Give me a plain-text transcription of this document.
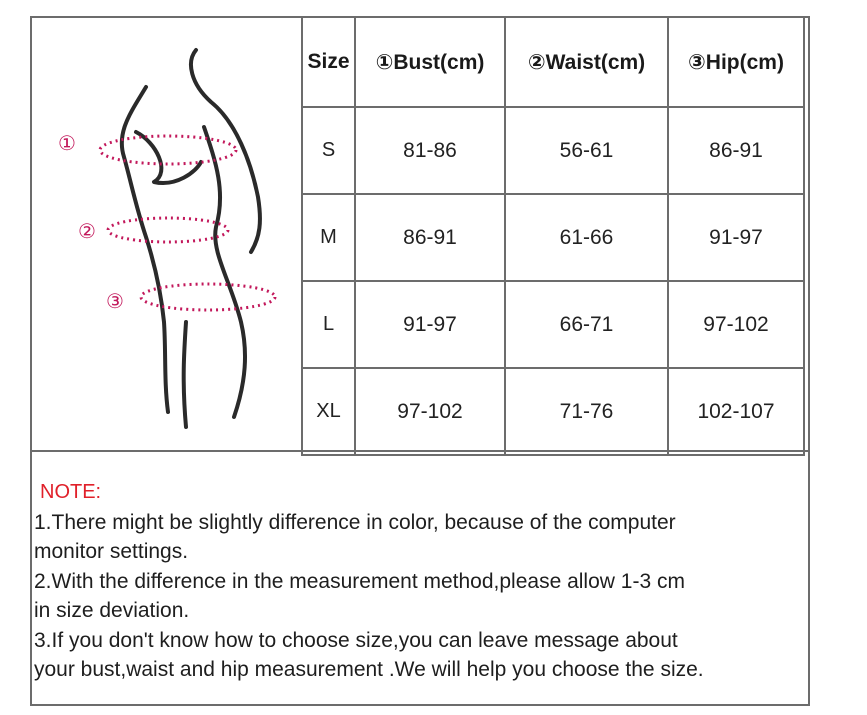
①
②
③
Size	①Bust(cm)	②Waist(cm)	③Hip(cm)
S	81-86	56-61	86-91
M	86-91	61-66	91-97
L	91-97	66-71	97-102
XL	97-102	71-76	102-107
NOTE:
1.There might be slightly difference in color, because of the computer
monitor settings.
2.With the difference in the measurement method,please allow 1-3 cm
in size deviation.
3.If you don't know how to choose size,you can leave message about
your bust,waist and hip measurement .We will help you choose the size.
